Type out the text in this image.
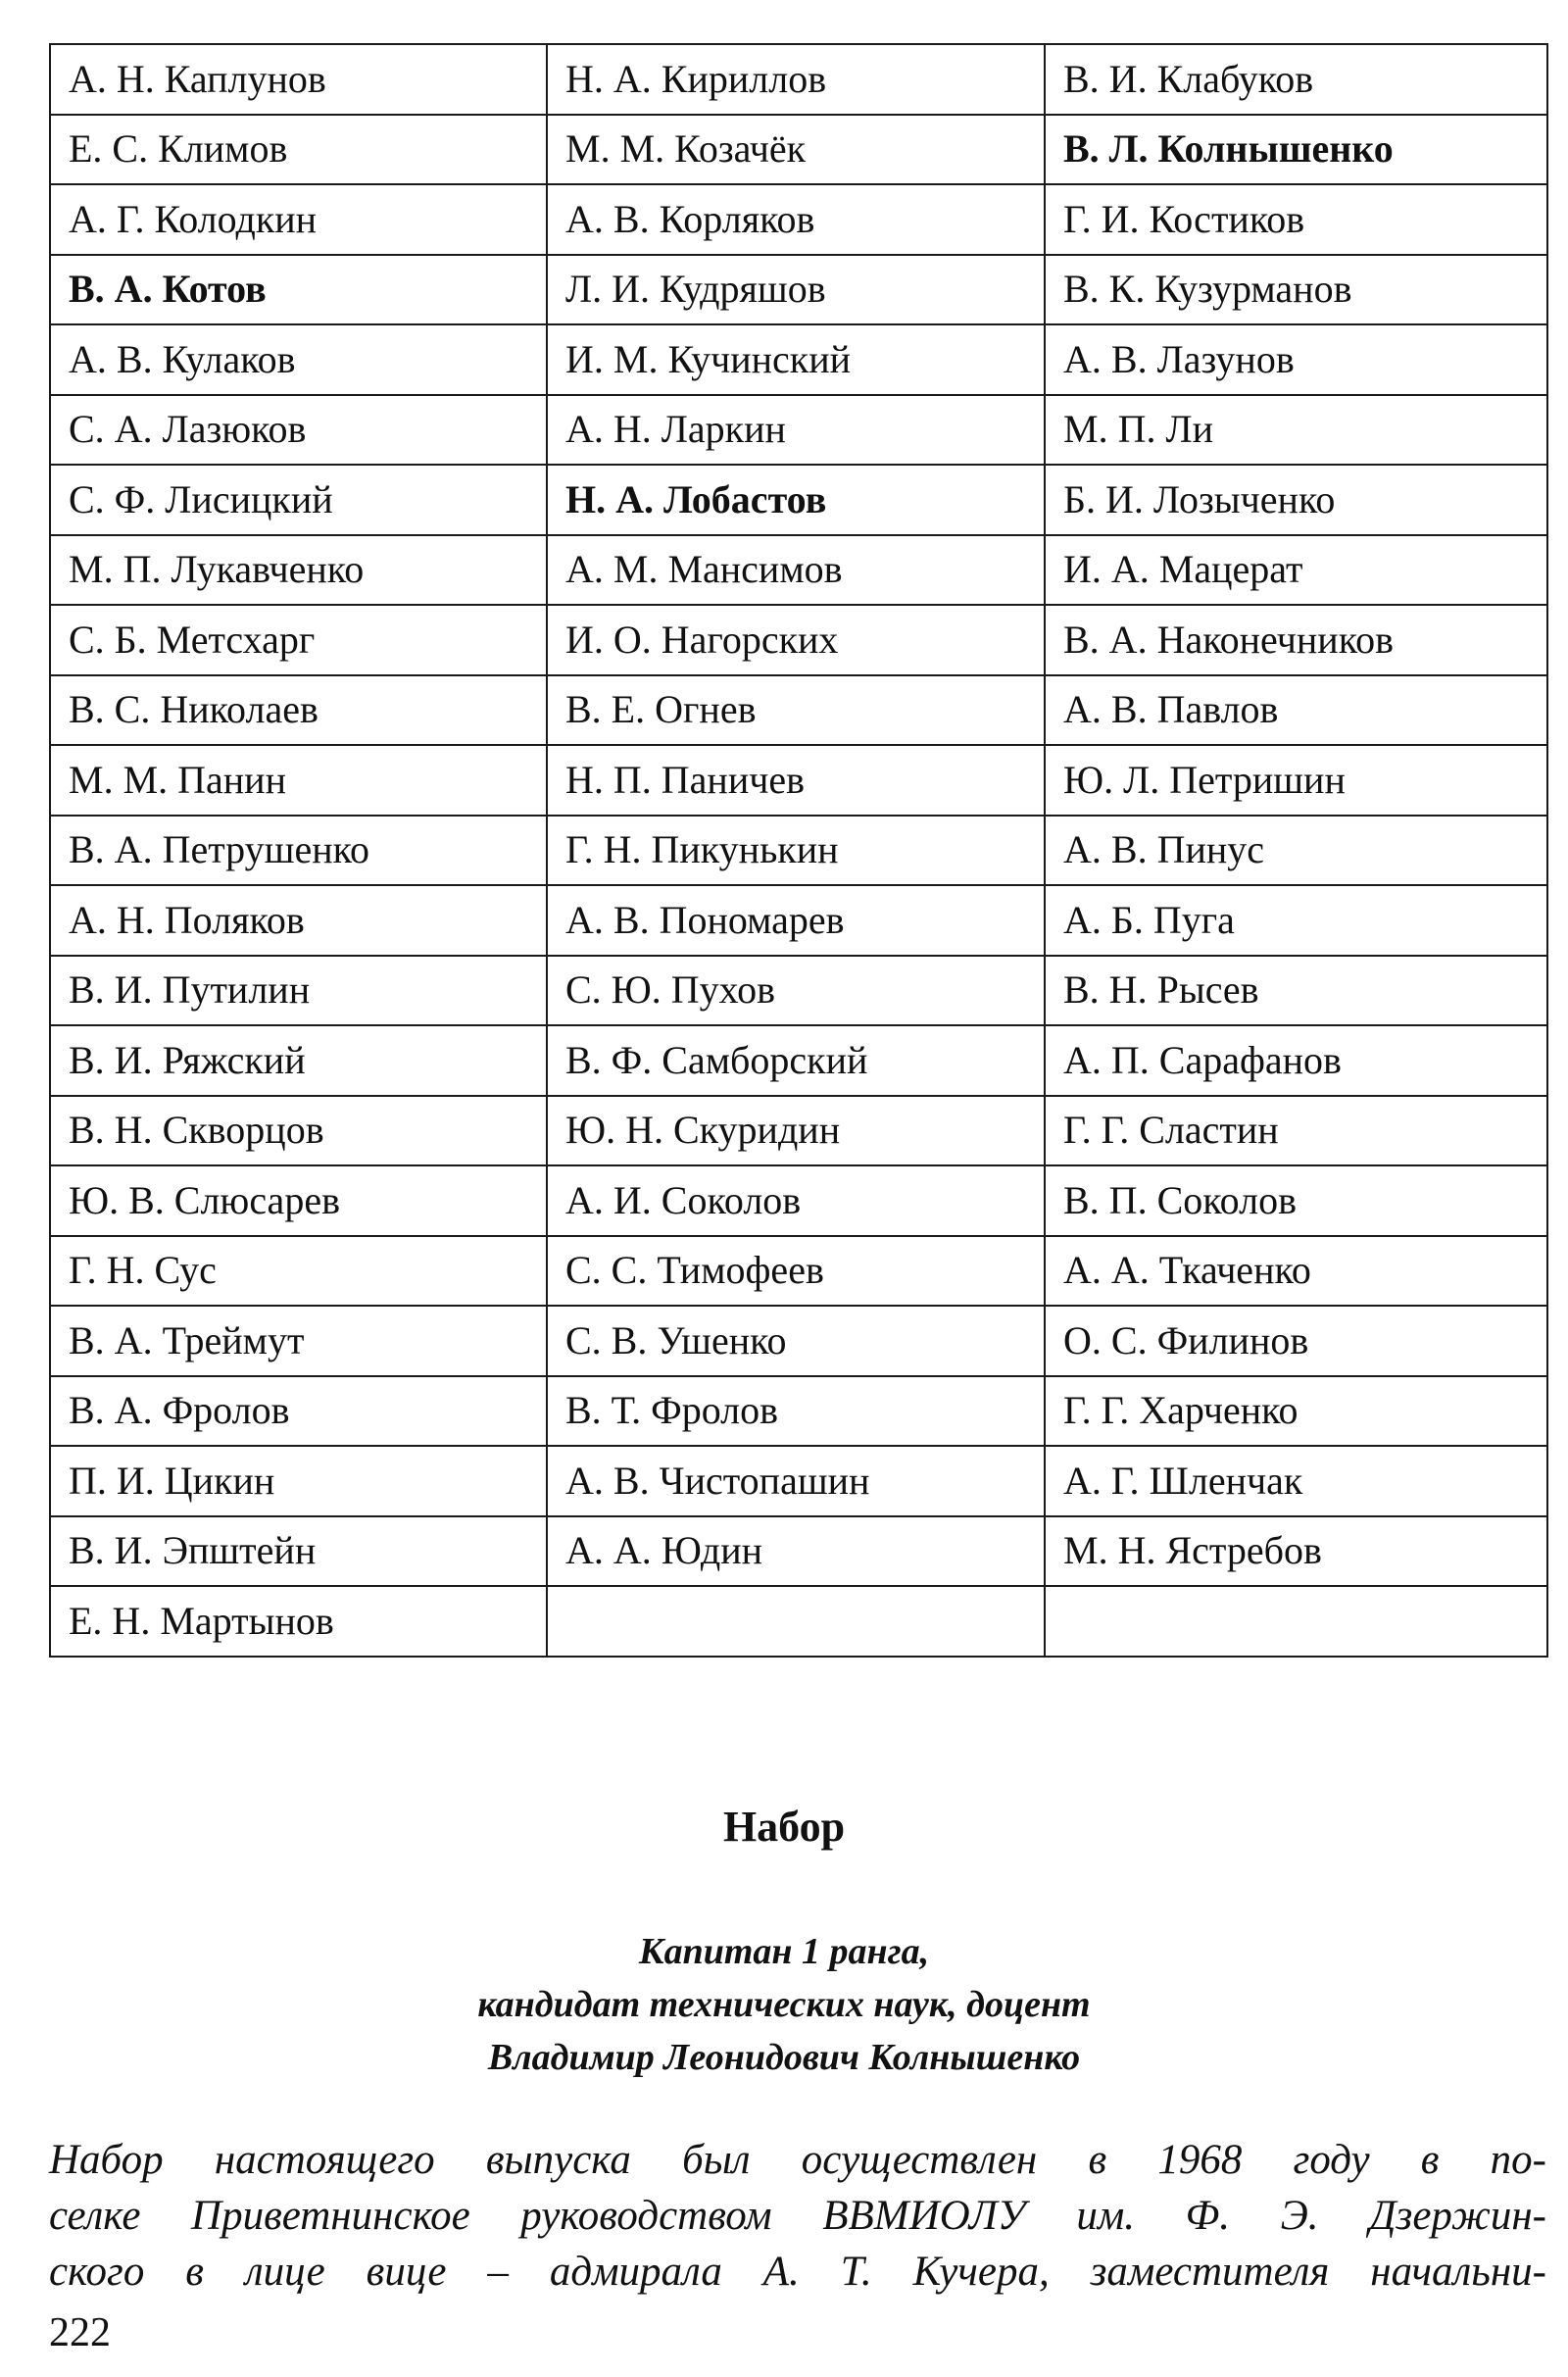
А. Н. Каплунов	Н. А. Кириллов	В. И. Клабуков
Е. С. Климов	М. М. Козачёк	В. Л. Колнышенко
А. Г. Колодкин	А. В. Корляков	Г. И. Костиков
В. А. Котов	Л. И. Кудряшов	В. К. Кузурманов
А. В. Кулаков	И. М. Кучинский	А. В. Лазунов
С. А. Лазюков	А. Н. Ларкин	М. П. Ли
С. Ф. Лисицкий	Н. А. Лобастов	Б. И. Лозыченко
М. П. Лукавченко	А. М. Мансимов	И. А. Мацерат
С. Б. Метсхарг	И. О. Нагорских	В. А. Наконечников
В. С. Николаев	В. Е. Огнев	А. В. Павлов
М. М. Панин	Н. П. Паничев	Ю. Л. Петришин
В. А. Петрушенко	Г. Н. Пикунькин	А. В. Пинус
А. Н. Поляков	А. В. Пономарев	А. Б. Пуга
В. И. Путилин	С. Ю. Пухов	В. Н. Рысев
В. И. Ряжский	В. Ф. Самборский	А. П. Сарафанов
В. Н. Скворцов	Ю. Н. Скуридин	Г. Г. Сластин
Ю. В. Слюсарев	А. И. Соколов	В. П. Соколов
Г. Н. Сус	С. С. Тимофеев	А. А. Ткаченко
В. А. Треймут	С. В. Ушенко	О. С. Филинов
В. А. Фролов	В. Т. Фролов	Г. Г. Харченко
П. И. Цикин	А. В. Чистопашин	А. Г. Шленчак
В. И. Эпштейн	А. А. Юдин	М. Н. Ястребов
Е. Н. Мартынов		
Набор
Капитан 1 ранга,
кандидат технических наук, доцент
Владимир Леонидович Колнышенко
Набор настоящего выпуска был осуществлен в 1968 году в по-
селке Приветнинское руководством ВВМИОЛУ им. Ф. Э. Дзержин-
ского в лице вице – адмирала А. Т. Кучера, заместителя начальни-
222
